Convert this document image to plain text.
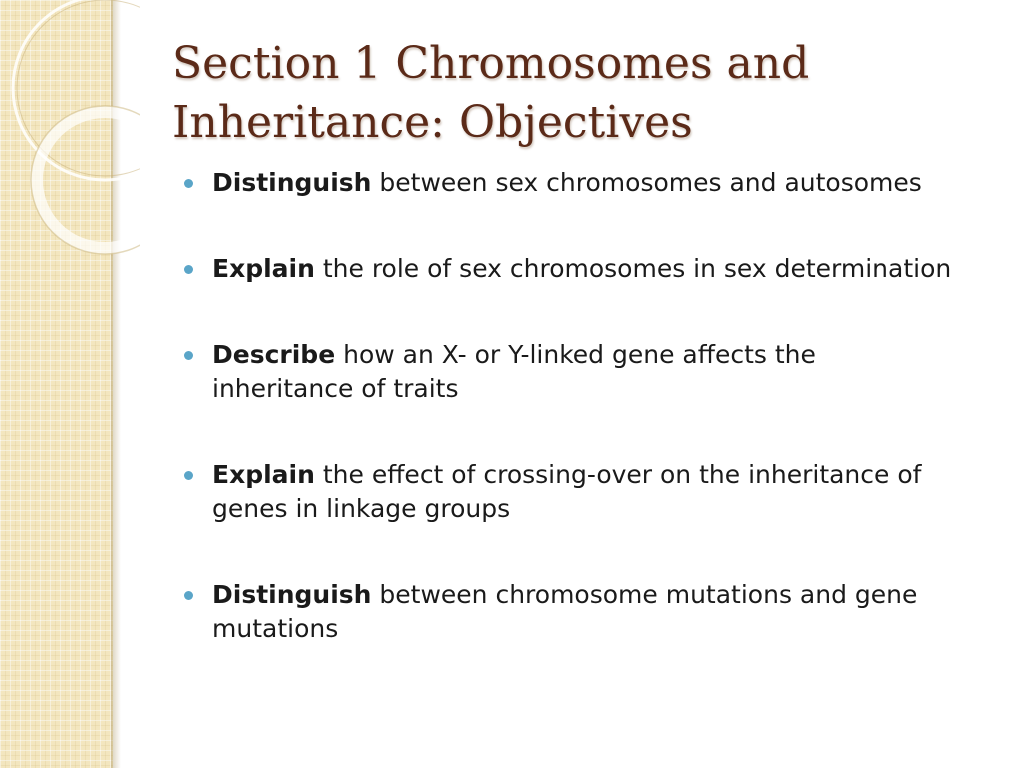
Section 1 Chromosomes and Inheritance: Objectives
Distinguish between sex chromosomes and autosomes
Explain the role of sex chromosomes in sex determination
Describe how an X- or Y-linked gene affects the inheritance of traits
Explain the effect of crossing-over on the inheritance of genes in linkage groups
Distinguish between chromosome mutations and gene mutations
